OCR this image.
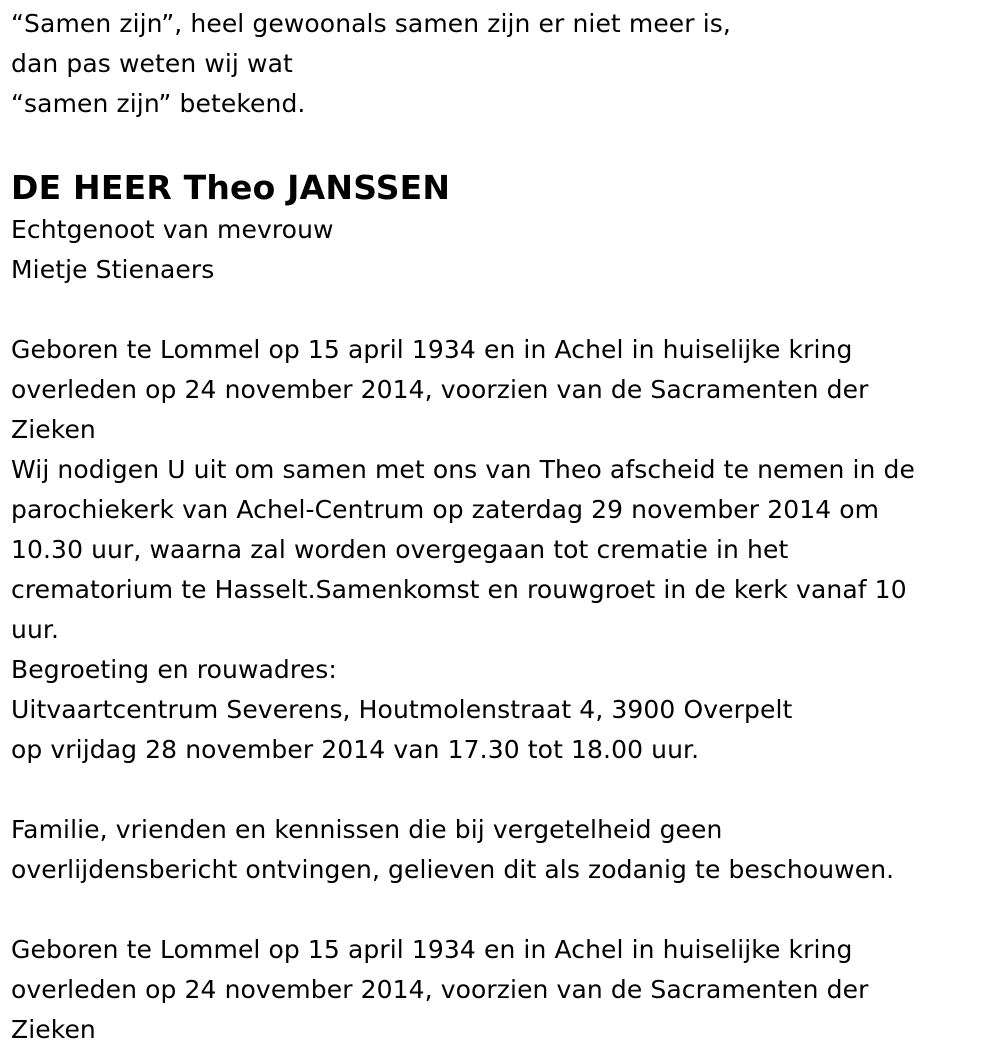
“Samen zijn”, heel gewoonals samen zijn er niet meer is,
dan pas weten wij wat
“samen zijn” betekend.
DE HEER Theo JANSSEN
Echtgenoot van mevrouw
Mietje Stienaers
Geboren te Lommel op 15 april 1934 en in Achel in huiselijke kring
overleden op 24 november 2014, voorzien van de Sacramenten der
Zieken
Wij nodigen U uit om samen met ons van Theo afscheid te nemen in de
parochiekerk van Achel-Centrum op zaterdag 29 november 2014 om
10.30 uur, waarna zal worden overgegaan tot crematie in het
crematorium te Hasselt.Samenkomst en rouwgroet in de kerk vanaf 10
uur.
Begroeting en rouwadres:
Uitvaartcentrum Severens, Houtmolenstraat 4, 3900 Overpelt
op vrijdag 28 november 2014 van 17.30 tot 18.00 uur.
Familie, vrienden en kennissen die bij vergetelheid geen
overlijdensbericht ontvingen, gelieven dit als zodanig te beschouwen.
Geboren te Lommel op 15 april 1934 en in Achel in huiselijke kring
overleden op 24 november 2014, voorzien van de Sacramenten der
Zieken
